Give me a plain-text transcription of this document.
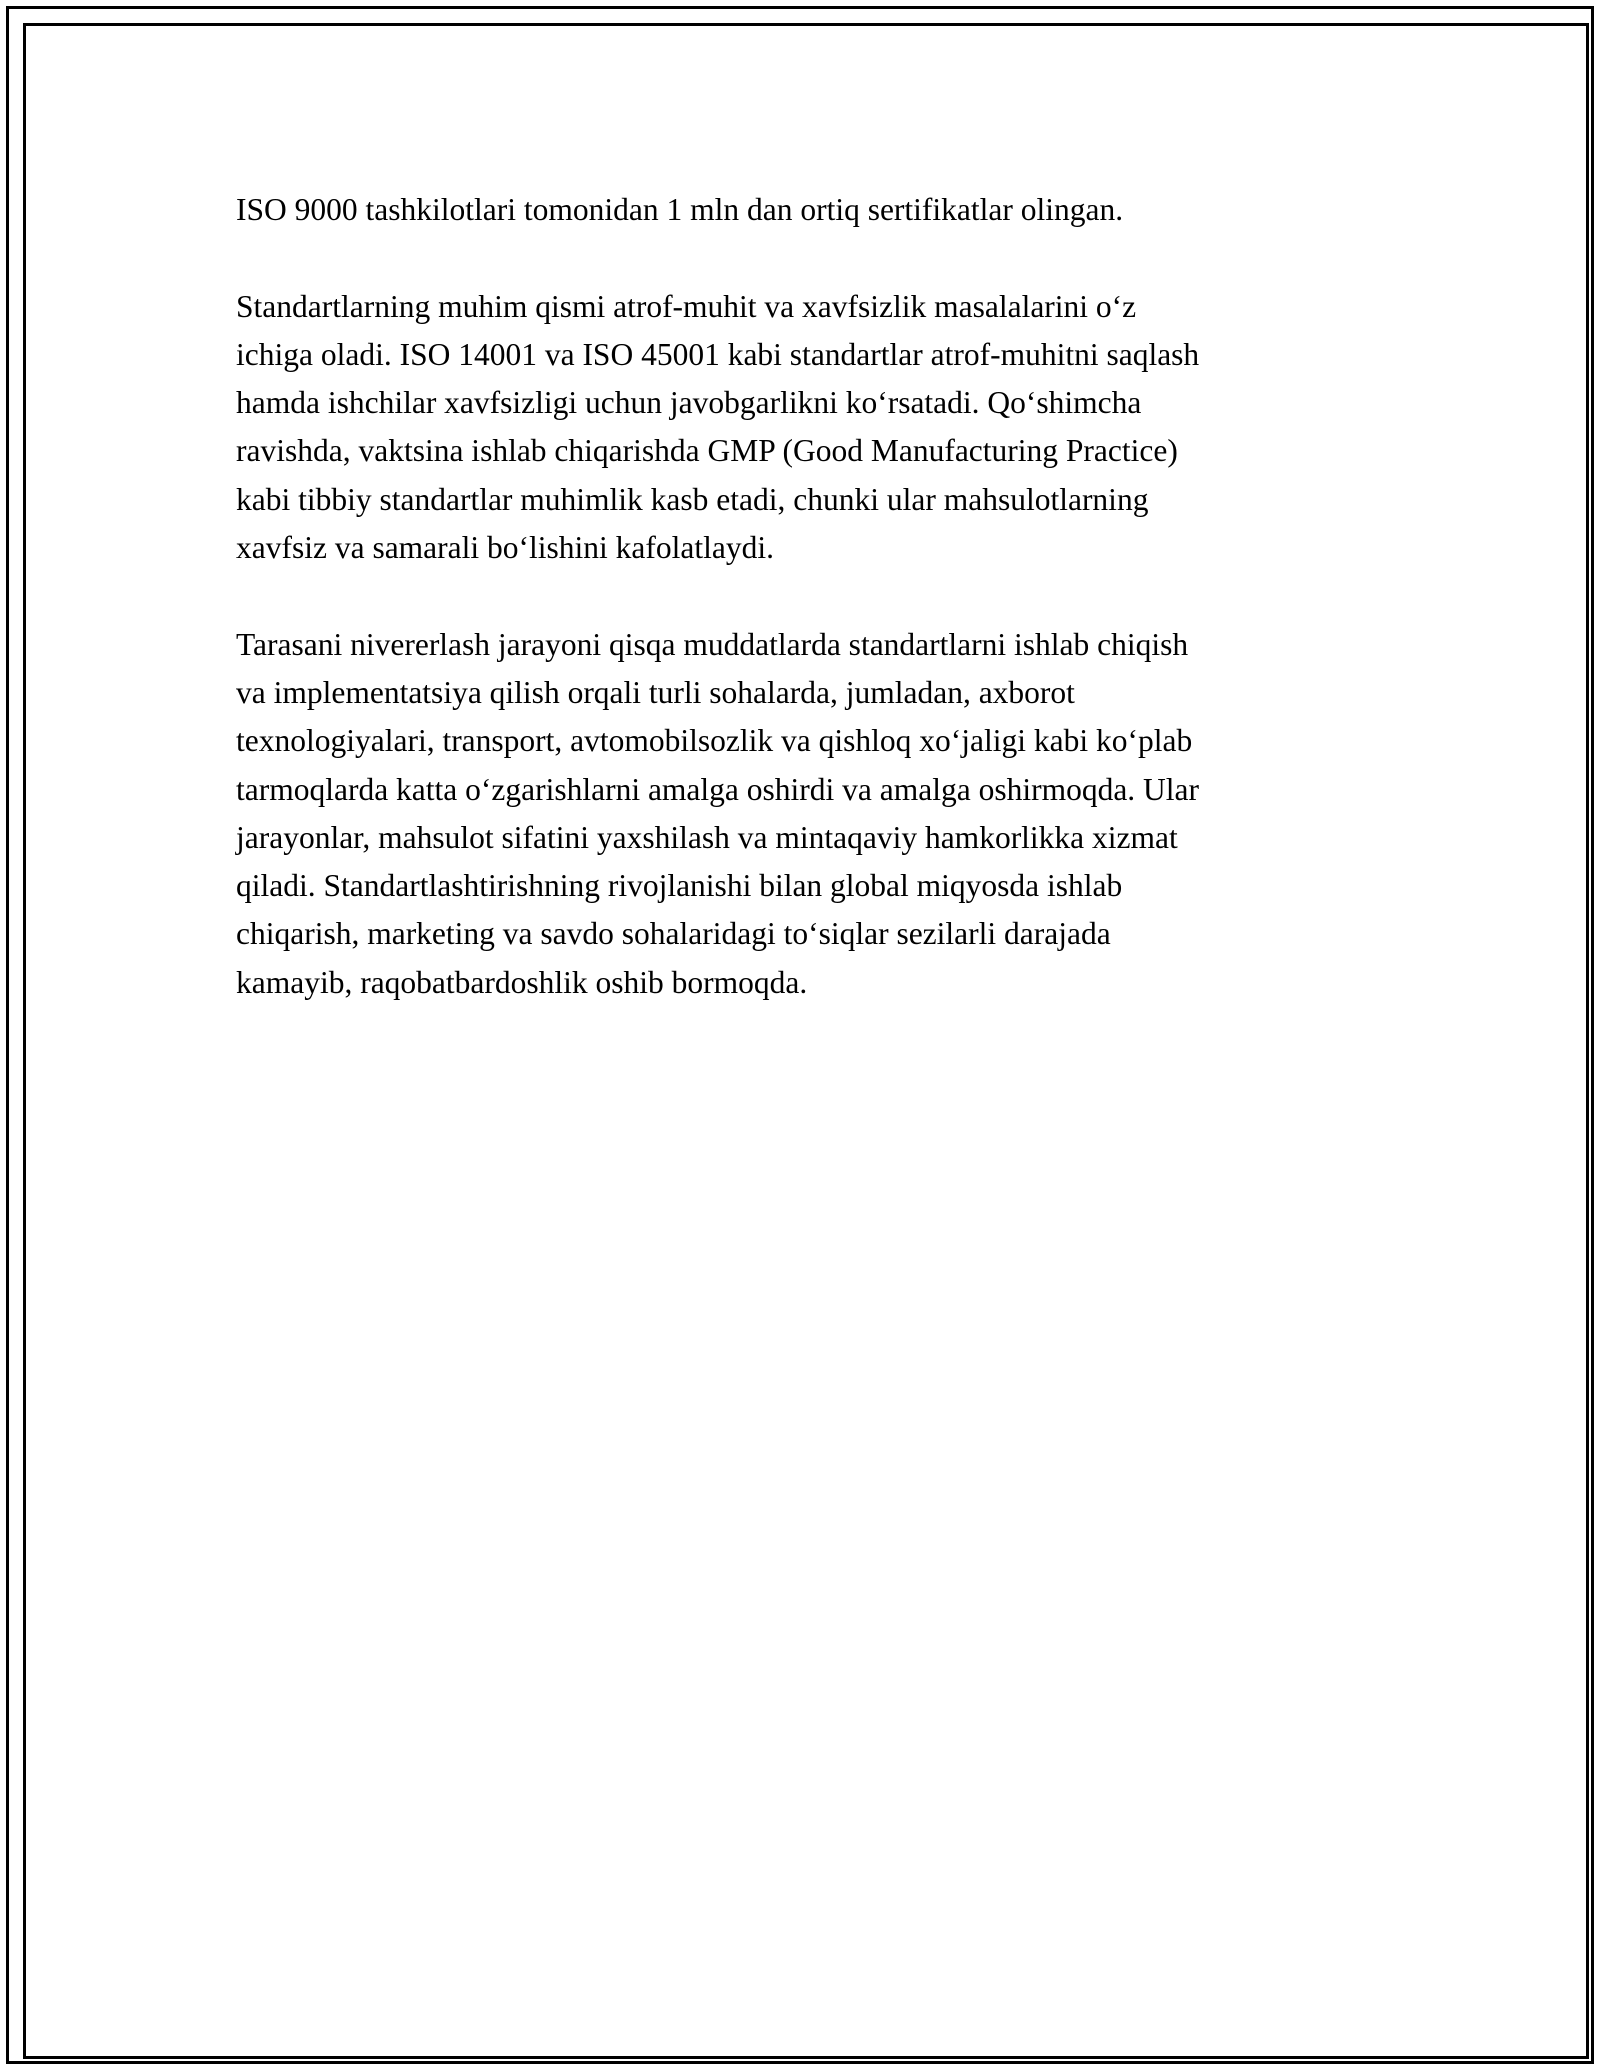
ISO 9000 tashkilotlari tomonidan 1 mln dan ortiq sertifikatlar olingan.

Standartlarning muhim qismi atrof-muhit va xavfsizlik masalalarini o‘z
ichiga oladi. ISO 14001 va ISO 45001 kabi standartlar atrof-muhitni saqlash
hamda ishchilar xavfsizligi uchun javobgarlikni ko‘rsatadi. Qo‘shimcha
ravishda, vaktsina ishlab chiqarishda GMP (Good Manufacturing Practice)
kabi tibbiy standartlar muhimlik kasb etadi, chunki ular mahsulotlarning
xavfsiz va samarali bo‘lishini kafolatlaydi.

Tarasani nivererlash jarayoni qisqa muddatlarda standartlarni ishlab chiqish
va implementatsiya qilish orqali turli sohalarda, jumladan, axborot
texnologiyalari, transport, avtomobilsozlik va qishloq xo‘jaligi kabi ko‘plab
tarmoqlarda katta o‘zgarishlarni amalga oshirdi va amalga oshirmoqda. Ular
jarayonlar, mahsulot sifatini yaxshilash va mintaqaviy hamkorlikka xizmat
qiladi. Standartlashtirishning rivojlanishi bilan global miqyosda ishlab
chiqarish, marketing va savdo sohalaridagi to‘siqlar sezilarli darajada
kamayib, raqobatbardoshlik oshib bormoqda.
